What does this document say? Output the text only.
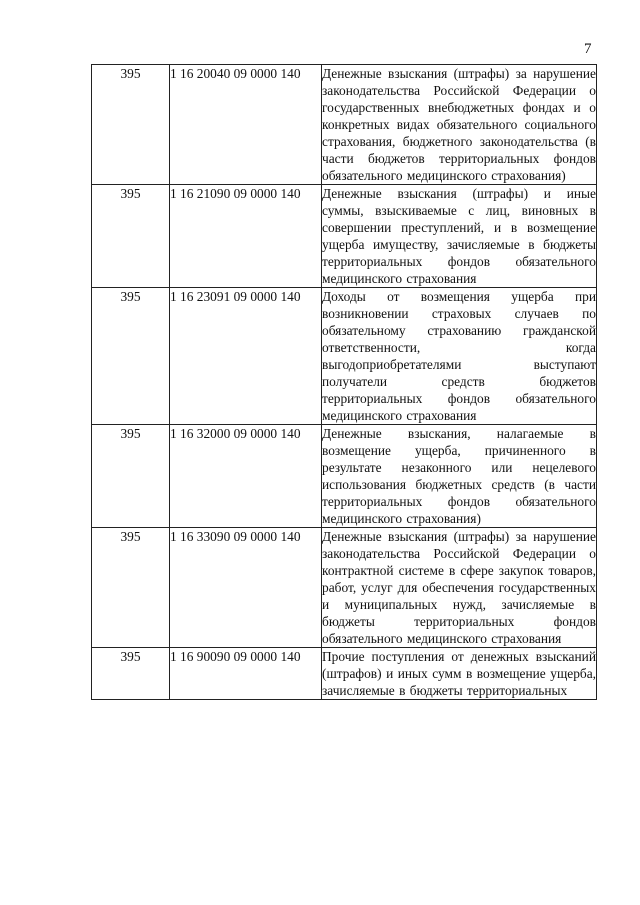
7
395	1 16 20040 09 0000 140	Денежные взыскания (штрафы) за нарушение законодательства Российской Федерации о государственных внебюджетных фондах и о конкретных видах обязательного социального страхования, бюджетного законодательства (в части бюджетов территориальных фондов обязательного медицинского страхования)
395	1 16 21090 09 0000 140	Денежные взыскания (штрафы) и иные суммы, взыскиваемые с лиц, виновных в совершении преступлений, и в возмещение ущерба имуществу, зачисляемые в бюджеты территориальных фондов обязательного медицинского страхования
395	1 16 23091 09 0000 140	Доходы от возмещения ущерба при возникновении страховых случаев по обязательному страхованию гражданской ответственности, когда выгодоприобретателями выступают получатели средств бюджетов территориальных фондов обязательного медицинского страхования
395	1 16 32000 09 0000 140	Денежные взыскания, налагаемые в возмещение ущерба, причиненного в результате незаконного или нецелевого использования бюджетных средств (в части территориальных фондов обязательного медицинского страхования)
395	1 16 33090 09 0000 140	Денежные взыскания (штрафы) за нарушение законодательства Российской Федерации о контрактной системе в сфере закупок товаров, работ, услуг для обеспечения государственных и муниципальных нужд, зачисляемые в бюджеты территориальных фондов обязательного медицинского страхования
395	1 16 90090 09 0000 140	Прочие поступления от денежных взысканий (штрафов) и иных сумм в возмещение ущерба, зачисляемые в бюджеты территориальных
